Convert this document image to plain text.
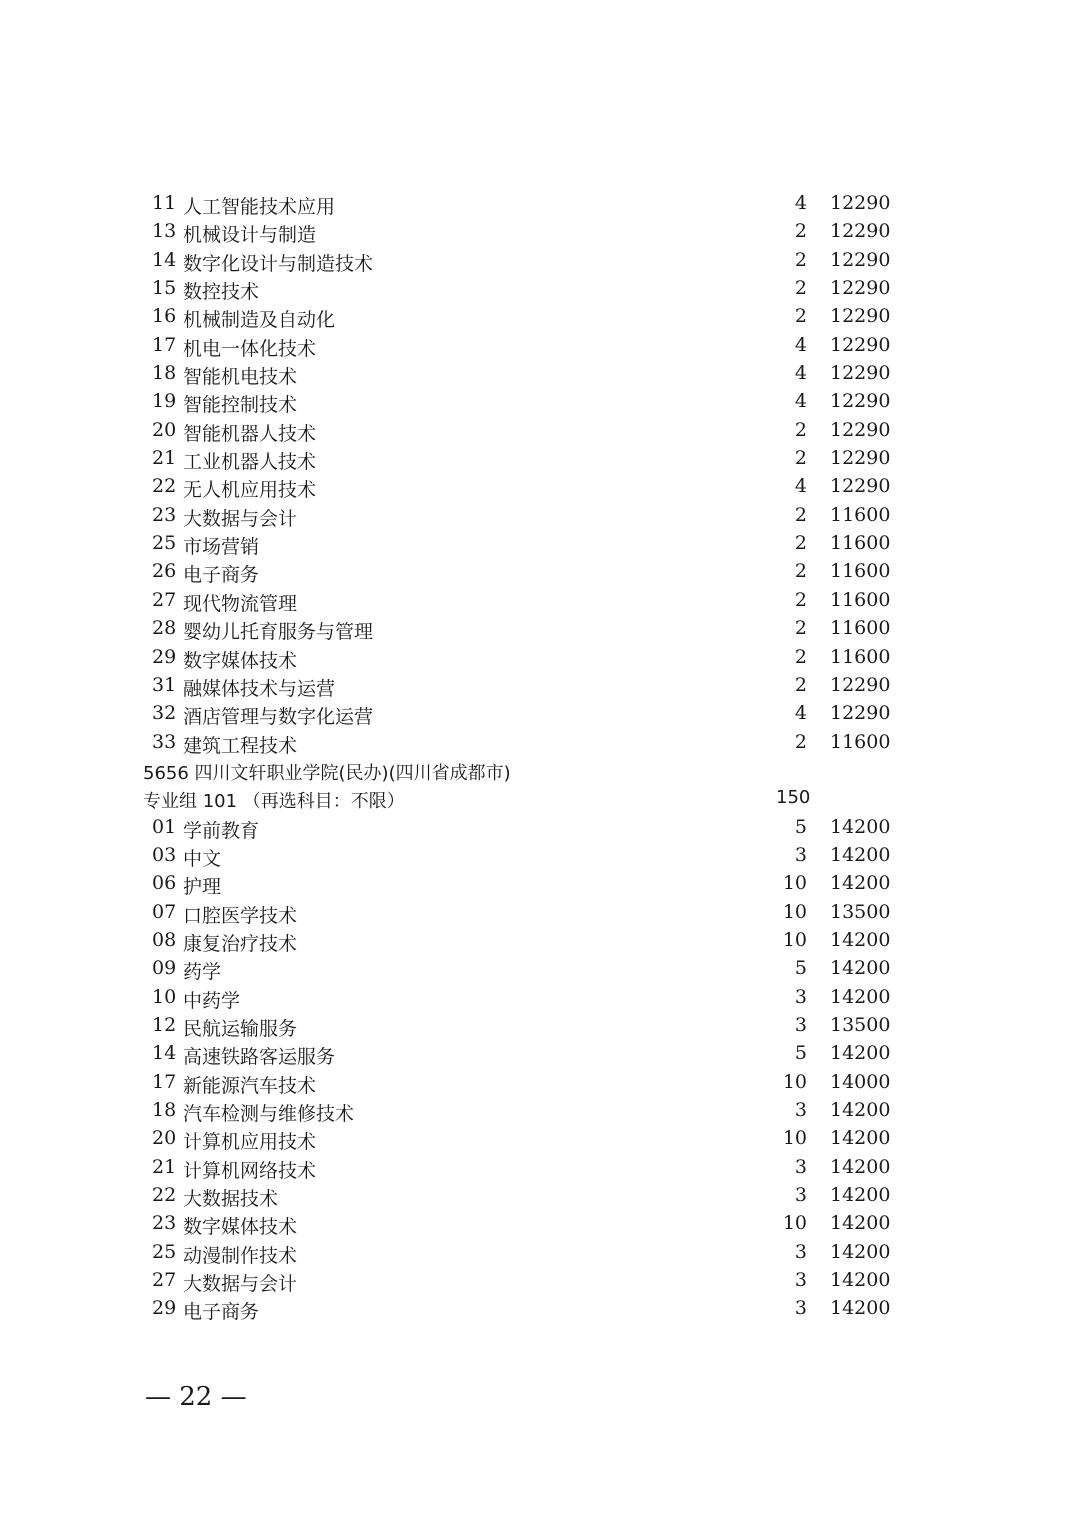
11 人工智能技术应用	4 12290
13 机械设计与制造	2 12290
14 数字化设计与制造技术	2 12290
15 数控技术	2 12290
16 机械制造及自动化	2 12290
17 机电一体化技术	4 12290
18 智能机电技术	4 12290
19 智能控制技术	4 12290
20 智能机器人技术	2 12290
21 工业机器人技术	2 12290
22 无人机应用技术	4 12290
23 大数据与会计	2 11600
25 市场营销	2 11600
26 电子商务	2 11600
27 现代物流管理	2 11600
28 婴幼儿托育服务与管理	2 11600
29 数字媒体技术	2 11600
31 融媒体技术与运营	2 12290
32 酒店管理与数字化运营	4 12290
33 建筑工程技术	2 11600
5656 四川文轩职业学院(民办)(四川省成都市)
专业组 101 （再选科目：不限）	150
01 学前教育	5 14200
03 中文	3 14200
06 护理	10 14200
07 口腔医学技术	10 13500
08 康复治疗技术	10 14200
09 药学	5 14200
10 中药学	3 14200
12 民航运输服务	3 13500
14 高速铁路客运服务	5 14200
17 新能源汽车技术	10 14000
18 汽车检测与维修技术	3 14200
20 计算机应用技术	10 14200
21 计算机网络技术	3 14200
22 大数据技术	3 14200
23 数字媒体技术	10 14200
25 动漫制作技术	3 14200
27 大数据与会计	3 14200
29 电子商务	3 14200
— 22 —
